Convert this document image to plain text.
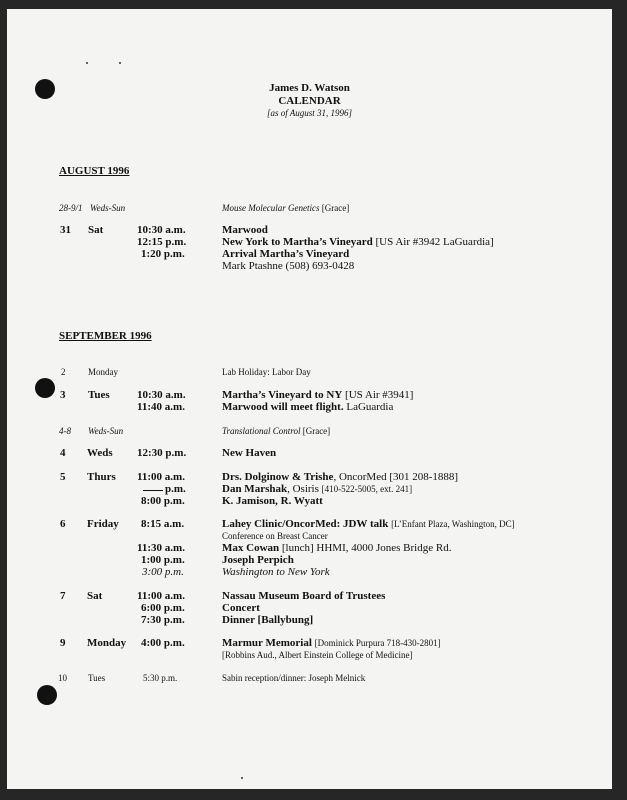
James D. Watson
CALENDAR
[as of August 31, 1996]
AUGUST 1996
28-9/1 Weds-Sun	Mouse Molecular Genetics [Grace]
31 Sat	10:30 a.m.	Marwood
12:15 p.m.	New York to Martha’s Vineyard [US Air #3942 LaGuardia]
1:20 p.m.	Arrival Martha’s Vineyard
Mark Ptashne (508) 693-0428
SEPTEMBER 1996
2	Monday	Lab Holiday: Labor Day
3 Tues 10:30 a.m.	Martha’s Vineyard to NY [US Air #3941]
11:40 a.m.	Marwood will meet flight. LaGuardia
4-8 Weds-Sun	Translational Control [Grace]
4 Weds 12:30 p.m.	New Haven
5 Thurs 11:00 a.m.	Drs. Dolginow & Trishe, OncorMed [301 208-1888]
p.m.	Dan Marshak, Osiris [410-522-5005, ext. 241]
8:00 p.m.	K. Jamison, R. Wyatt
6 Friday 8:15 a.m.	Lahey Clinic/OncorMed: JDW talk [L’Enfant Plaza, Washington, DC]
Conference on Breast Cancer
11:30 a.m.	Max Cowan [lunch] HHMI, 4000 Jones Bridge Rd.
1:00 p.m.	Joseph Perpich
3:00 p.m.	Washington to New York
7 Sat	11:00 a.m.	Nassau Museum Board of Trustees
6:00 p.m.	Concert
7:30 p.m.	Dinner [Ballybung]
9 Monday 4:00 p.m.	Marmur Memorial [Dominick Purpura 718-430-2801]
[Robbins Aud., Albert Einstein College of Medicine]
10 Tues	5:30 p.m.	Sabin reception/dinner: Joseph Melnick
